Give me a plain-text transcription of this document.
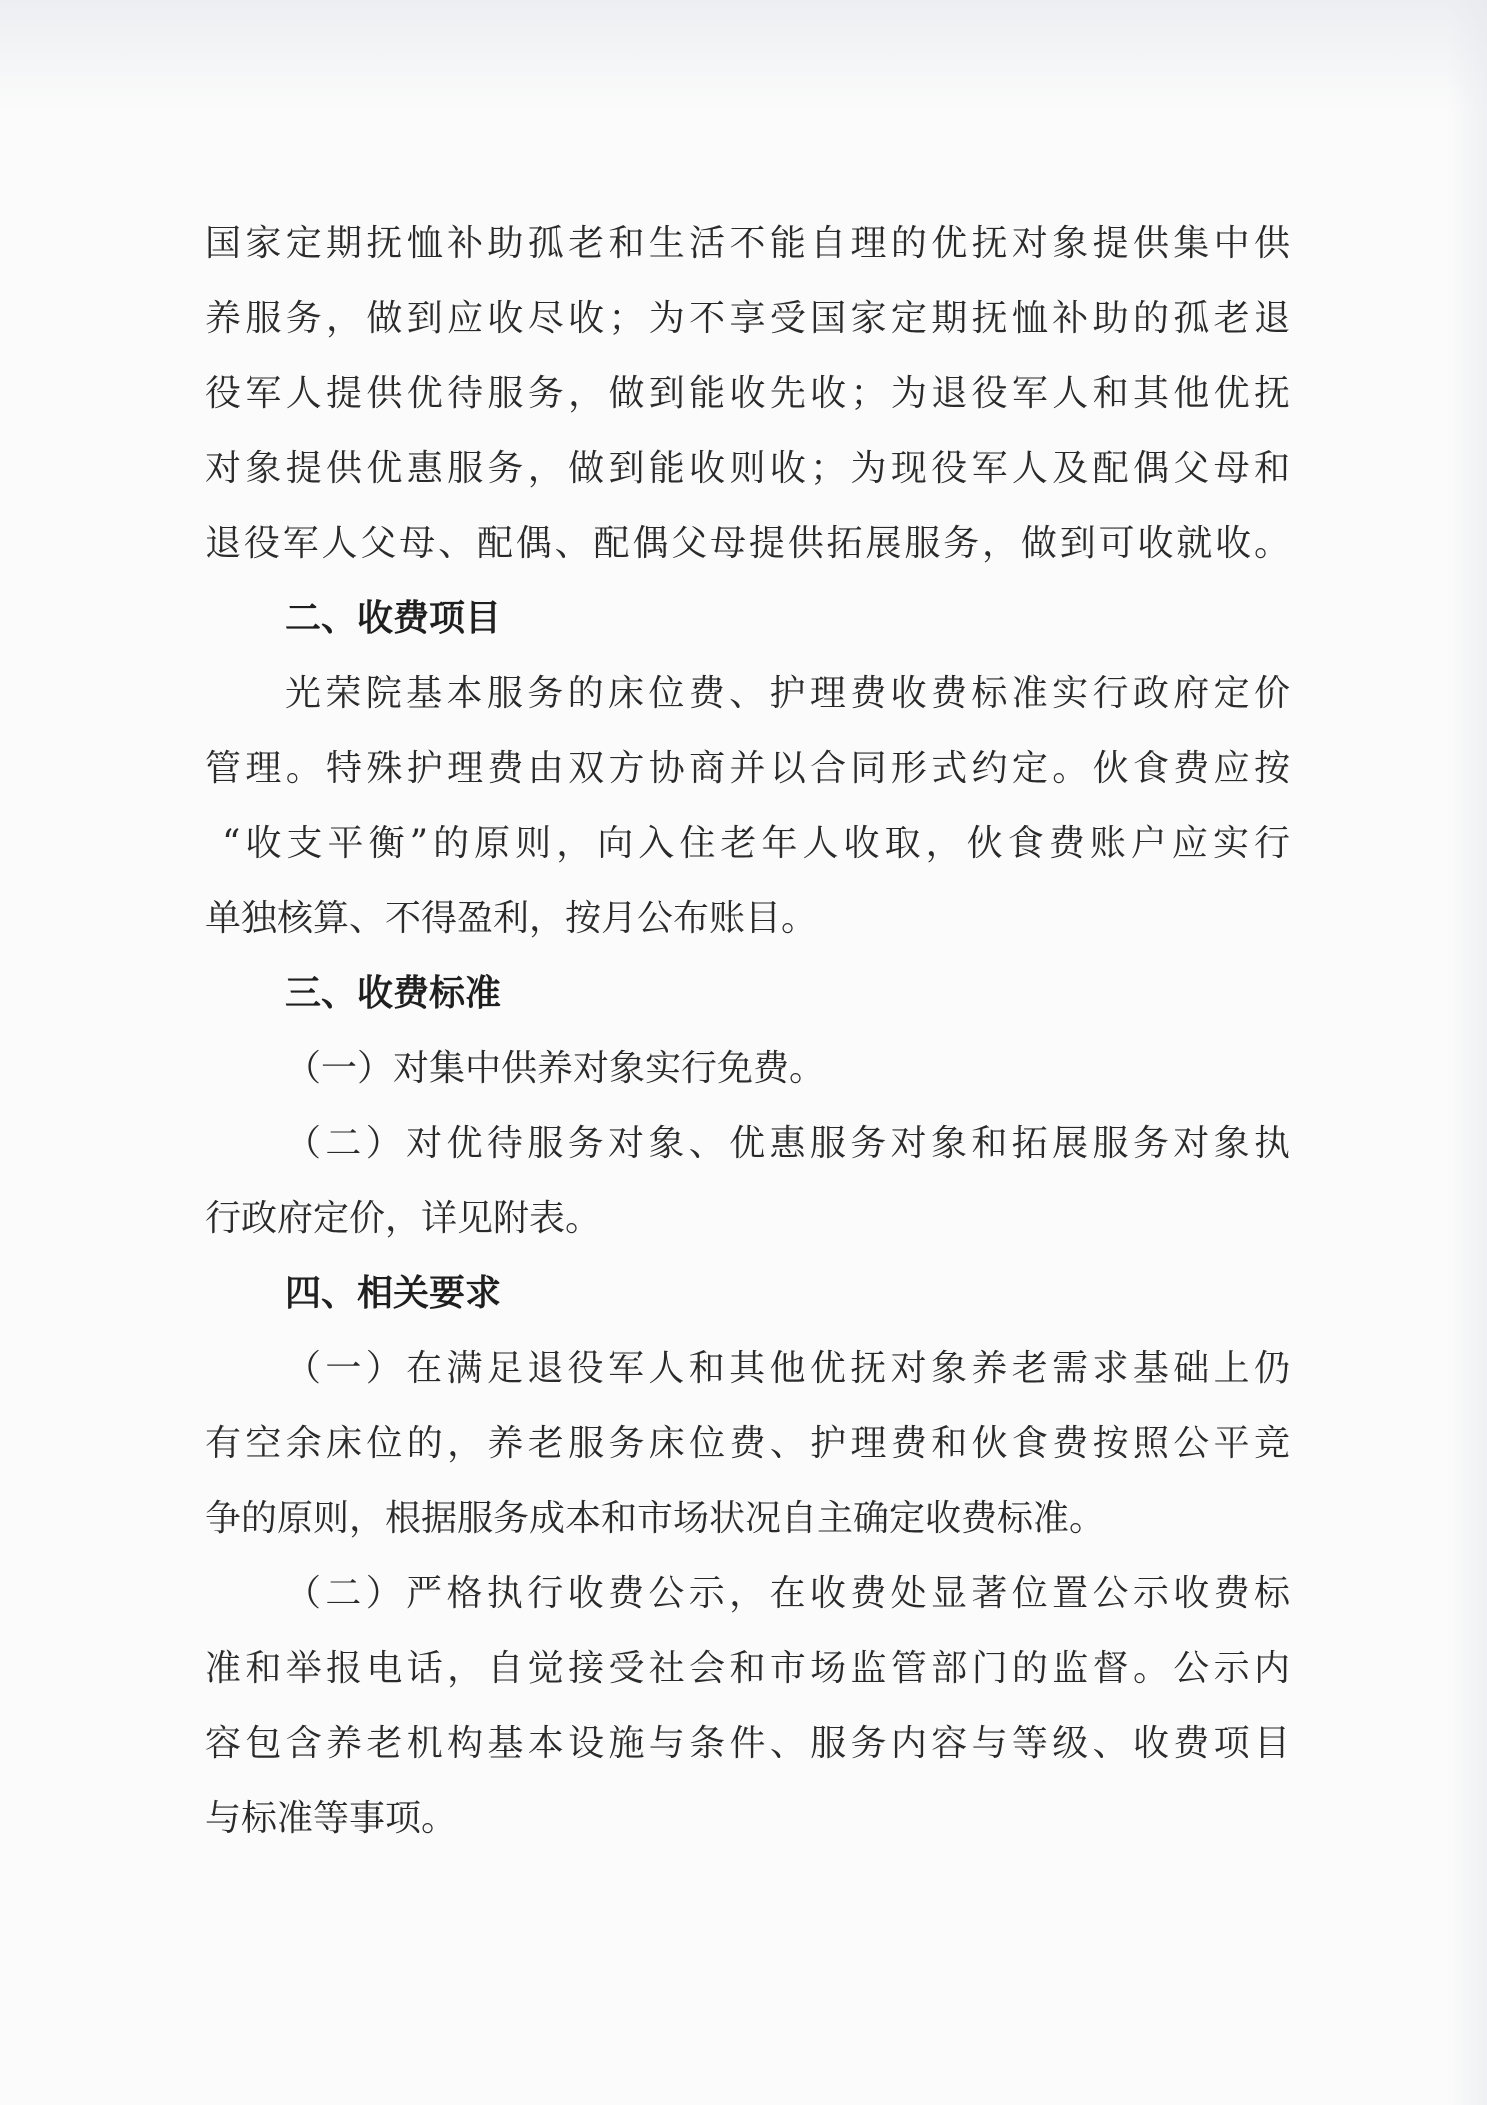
国家定期抚恤补助孤老和生活不能自理的优抚对象提供集中供
养服务，做到应收尽收；为不享受国家定期抚恤补助的孤老退
役军人提供优待服务，做到能收先收；为退役军人和其他优抚
对象提供优惠服务，做到能收则收；为现役军人及配偶父母和
退役军人父母、配偶、配偶父母提供拓展服务，做到可收就收。
二、收费项目
光荣院基本服务的床位费、护理费收费标准实行政府定价
管理。特殊护理费由双方协商并以合同形式约定。伙食费应按
“收支平衡”的原则，向入住老年人收取，伙食费账户应实行
单独核算、不得盈利，按月公布账目。
三、收费标准
（一）对集中供养对象实行免费。
（二）对优待服务对象、优惠服务对象和拓展服务对象执
行政府定价，详见附表。
四、相关要求
（一）在满足退役军人和其他优抚对象养老需求基础上仍
有空余床位的，养老服务床位费、护理费和伙食费按照公平竞
争的原则，根据服务成本和市场状况自主确定收费标准。
（二）严格执行收费公示，在收费处显著位置公示收费标
准和举报电话，自觉接受社会和市场监管部门的监督。公示内
容包含养老机构基本设施与条件、服务内容与等级、收费项目
与标准等事项。
